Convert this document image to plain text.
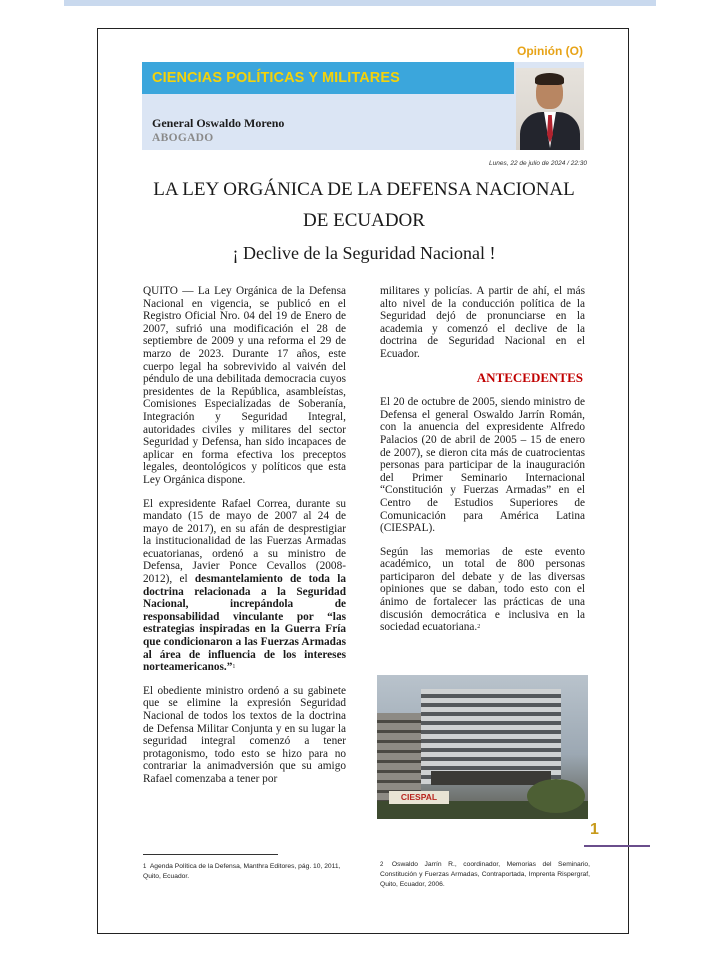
Opinión (O)
CIENCIAS POLÍTICAS Y MILITARES
General Oswaldo Moreno
ABOGADO
Lunes, 22 de julio de 2024 / 22:30
LA LEY ORGÁNICA DE LA DEFENSA NACIONAL
DE ECUADOR
¡ Declive de la Seguridad Nacional !

QUITO — La Ley Orgánica de la Defensa Nacional en vigencia, se publicó en el Registro Oficial Nro. 04 del 19 de Enero de 2007, sufrió una modificación el 28 de septiembre de 2009 y una reforma el 29 de marzo de 2023. Durante 17 años, este cuerpo legal ha sobrevivido al vaivén del péndulo de una debilitada democracia cuyos presidentes de la República, asambleístas, Comisiones Especializadas de Soberanía, Integración y Seguridad Integral, autoridades civiles y militares del sector Seguridad y Defensa, han sido incapaces de aplicar en forma efectiva los preceptos legales, deontológicos y políticos que esta Ley Orgánica dispone.

El expresidente Rafael Correa, durante su mandato (15 de mayo de 2007 al 24 de mayo de 2017), en su afán de desprestigiar la institucionalidad de las Fuerzas Armadas ecuatorianas, ordenó a su ministro de Defensa, Javier Ponce Cevallos (2008-2012), el desmantelamiento de toda la doctrina relacionada a la Seguridad Nacional, increpándola de responsabilidad vinculante por “las estrategias inspiradas en la Guerra Fría que condicionaron a las Fuerzas Armadas al área de influencia de los intereses norteamericanos.”$^1$

El obediente ministro ordenó a su gabinete que se elimine la expresión Seguridad Nacional de todos los textos de la doctrina de Defensa Militar Conjunta y en su lugar la seguridad integral comenzó a tener protagonismo, todo esto se hizo para no contrariar la animadversión que su amigo Rafael comenzaba a tener por

militares y policías. A partir de ahí, el más alto nivel de la conducción política de la Seguridad dejó de pronunciarse en la academia y comenzó el declive de la doctrina de Seguridad Nacional en el Ecuador.

ANTECEDENTES

El 20 de octubre de 2005, siendo ministro de Defensa el general Oswaldo Jarrín Román, con la anuencia del expresidente Alfredo Palacios (20 de abril de 2005 – 15 de enero de 2007), se dieron cita más de cuatrocientas personas para participar de la inauguración del Primer Seminario Internacional “Constitución y Fuerzas Armadas” en el Centro de Estudios Superiores de Comunicación para América Latina (CIESPAL).

Según las memorias de este evento académico, un total de 800 personas participaron del debate y de las diversas opiniones que se daban, todo esto con el ánimo de fortalecer las prácticas de una discusión democrática e inclusiva en la sociedad ecuatoriana.$^2$

CIESPAL
1
$^1$ Agenda Política de la Defensa, Manthra Editores, pág. 10, 2011, Quito, Ecuador.
$^2$ Oswaldo Jarrín R., coordinador, Memorias del Seminario, Constitución y Fuerzas Armadas, Contraportada, Imprenta Rispergraf, Quito, Ecuador, 2006.
